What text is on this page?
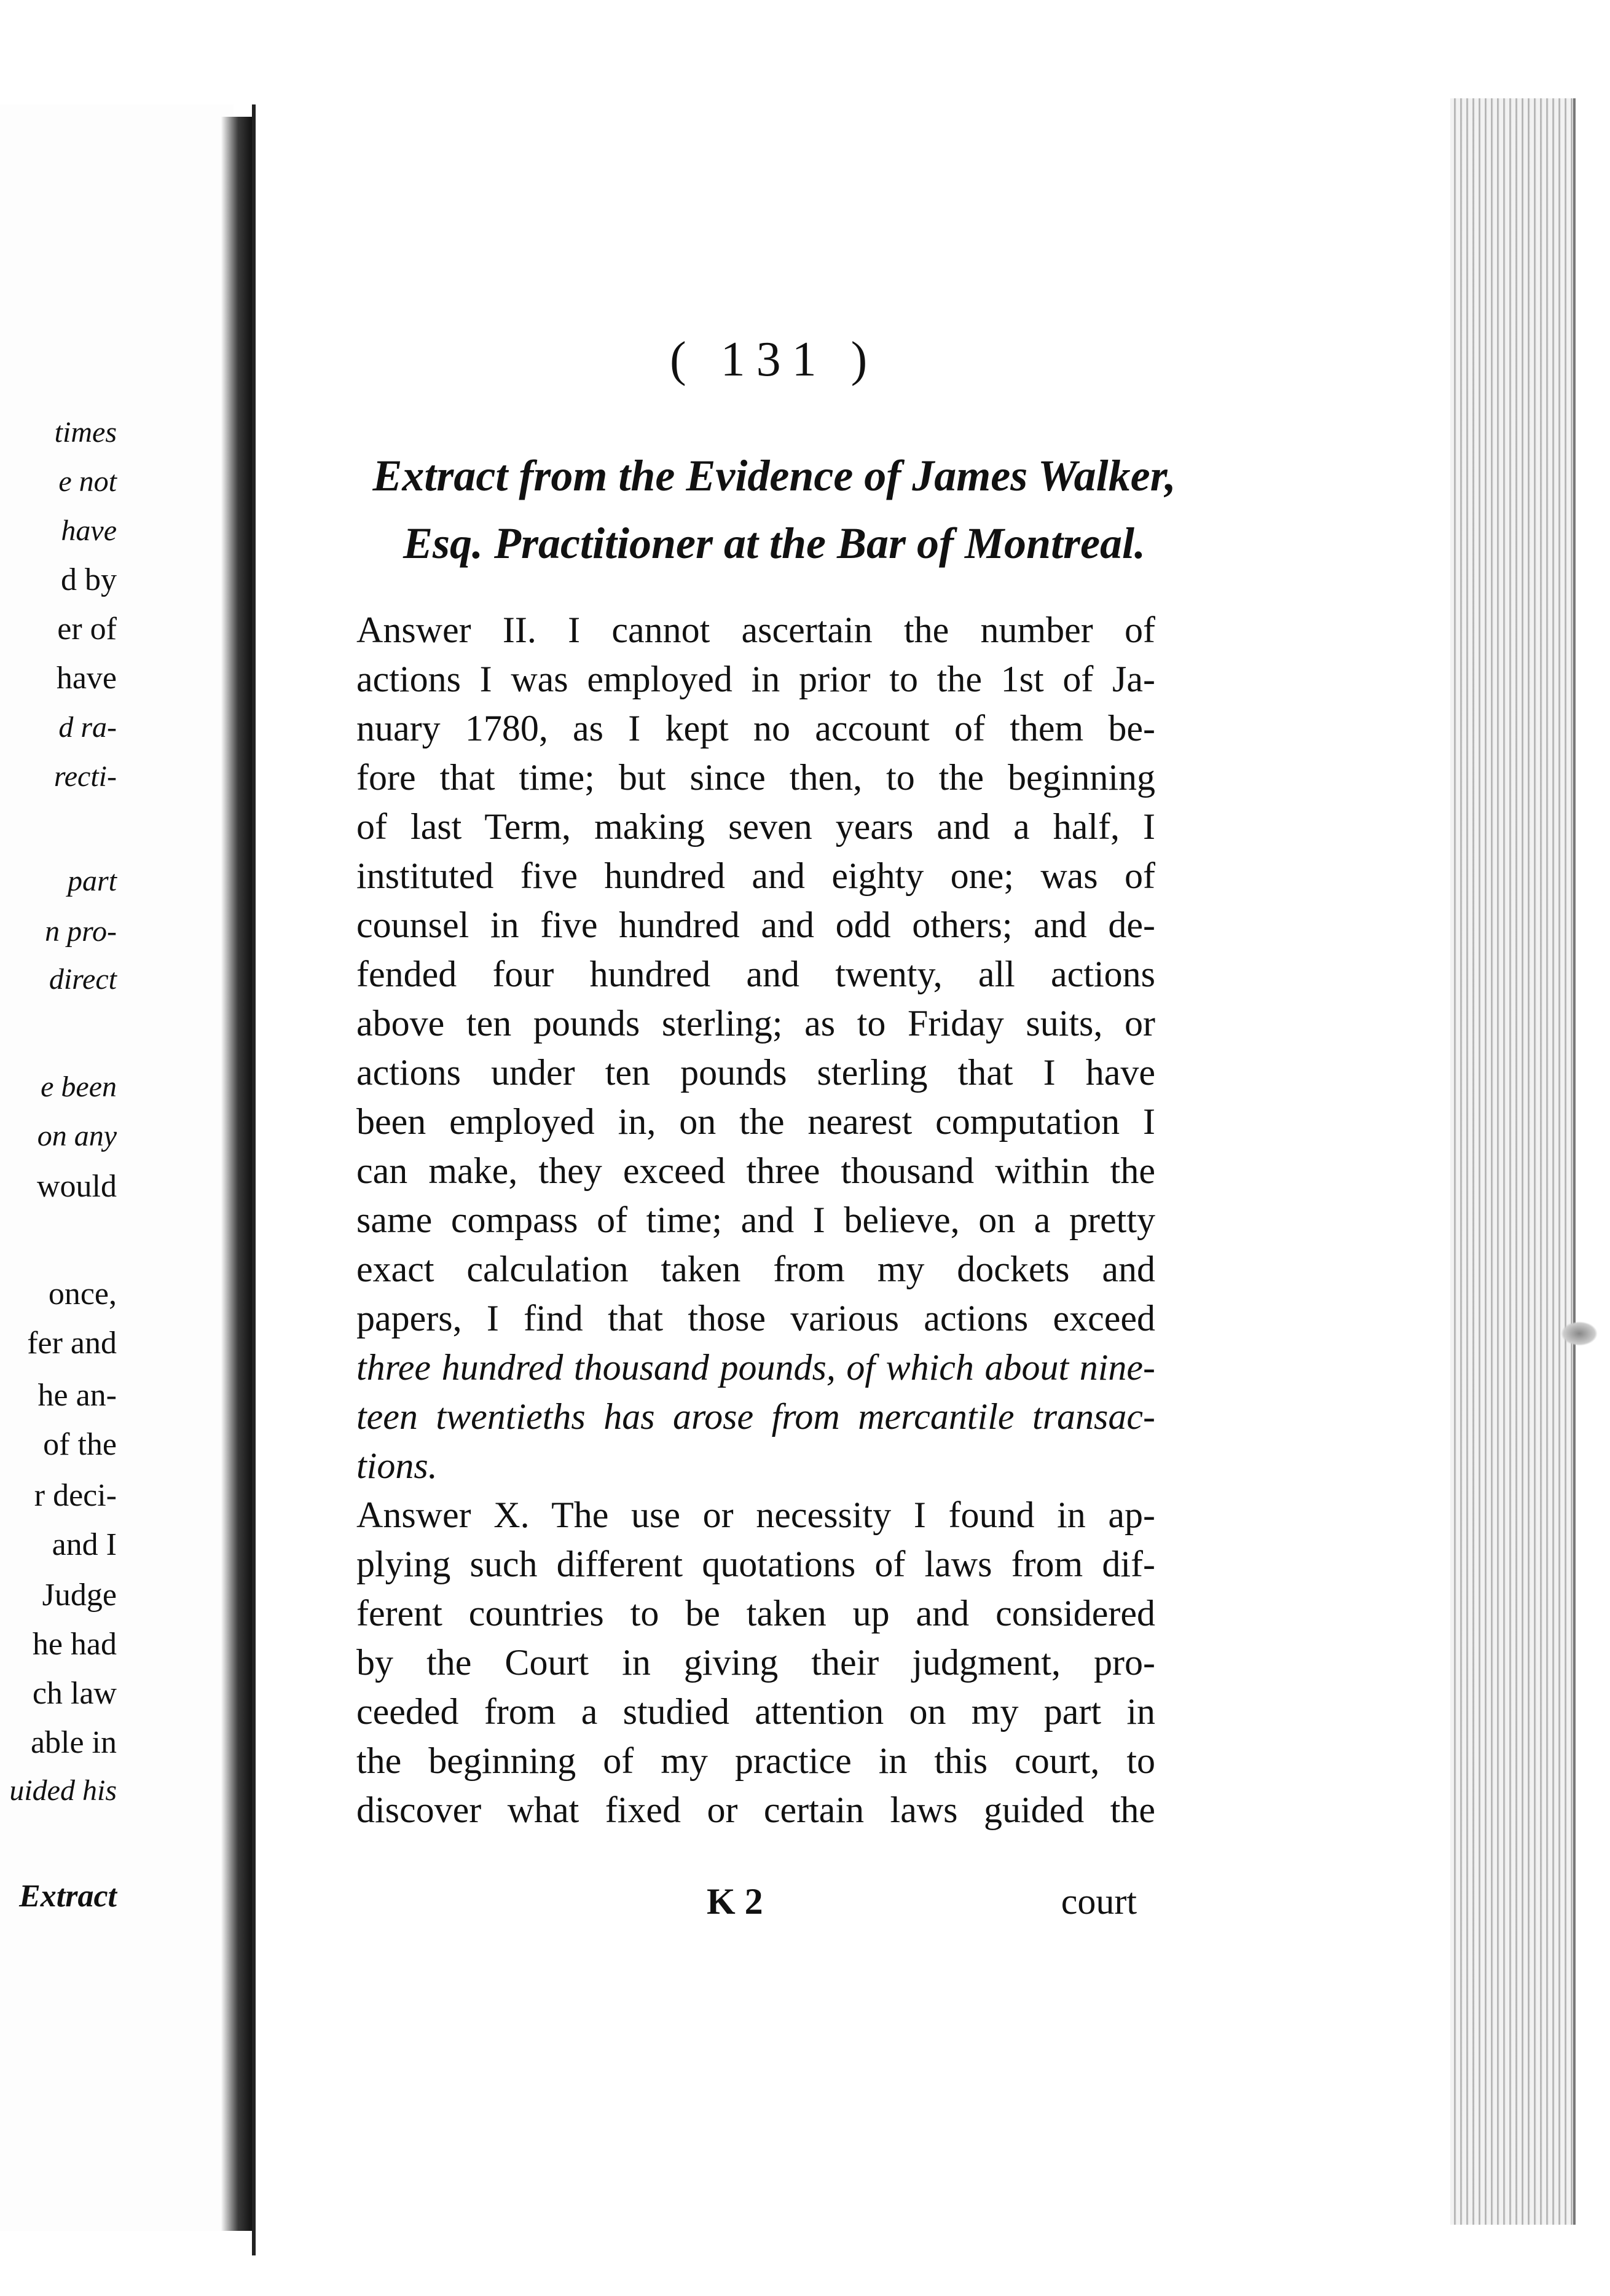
times
e not
have
d by
er of
have
d ra-
recti-
part
n pro-
direct
e been
on any
would
once,
fer and
he an-
of the
r deci-
and I
Judge
he had
ch law
able in
uided his
Extract
( 131 )
Extract from the Evidence of James Walker,
Esq. Practitioner at the Bar of Montreal.
Answer II. I cannot ascertain the number of
actions I was employed in prior to the 1st of Ja-
nuary 1780, as I kept no account of them be-
fore that time; but since then, to the beginning
of last Term, making seven years and a half, I
instituted five hundred and eighty one; was of
counsel in five hundred and odd others; and de-
fended four hundred and twenty, all actions
above ten pounds sterling; as to Friday suits, or
actions under ten pounds sterling that I have
been employed in, on the nearest computation I
can make, they exceed three thousand within the
same compass of time; and I believe, on a pretty
exact calculation taken from my dockets and
papers, I find that those various actions exceed
three hundred thousand pounds, of which about nine-
teen twentieths has arose from mercantile transac-
tions.
Answer X. The use or necessity I found in ap-
plying such different quotations of laws from dif-
ferent countries to be taken up and considered
by the Court in giving their judgment, pro-
ceeded from a studied attention on my part in
the beginning of my practice in this court, to
discover what fixed or certain laws guided the
K 2	court
